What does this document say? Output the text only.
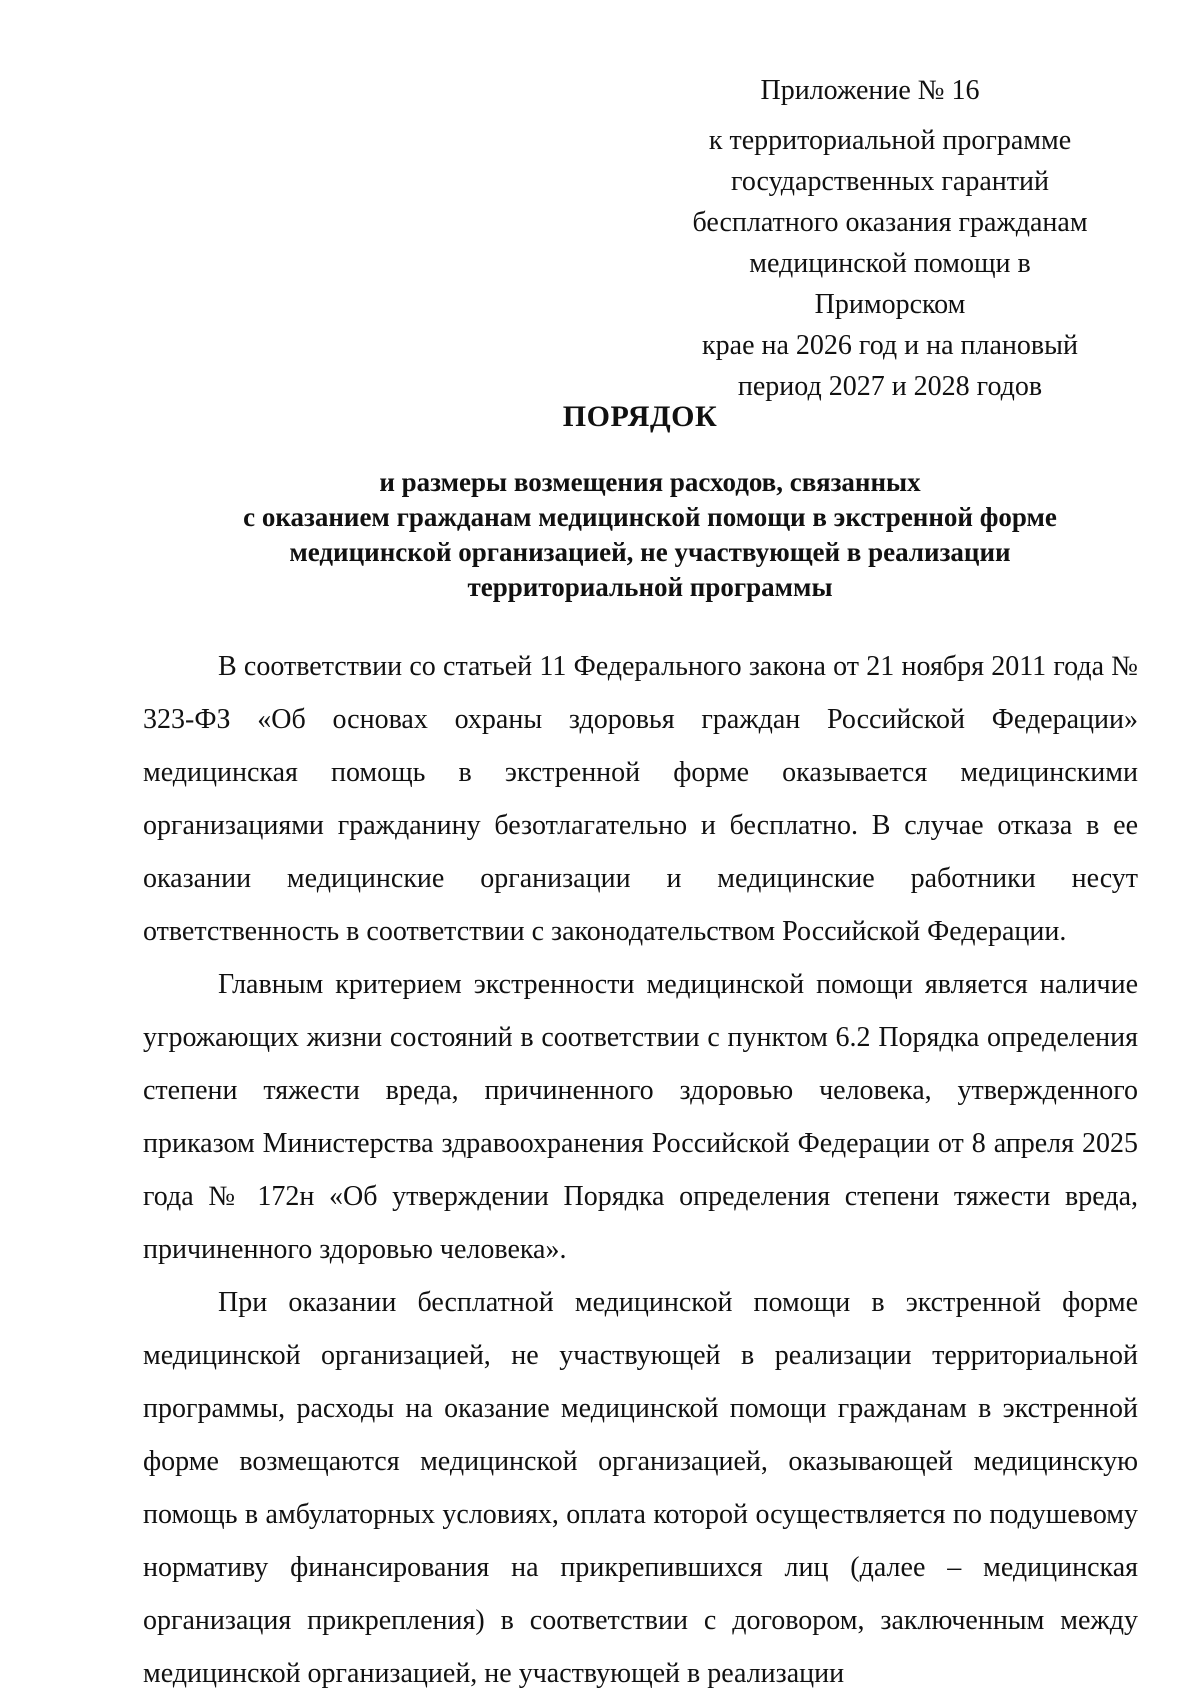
Приложение № 16
к территориальной программе
государственных гарантий
бесплатного оказания гражданам
медицинской помощи в Приморском
крае на 2026 год и на плановый
период 2027 и 2028 годов
ПОРЯДОК
и размеры возмещения расходов, связанных
с оказанием гражданам медицинской помощи в экстренной форме
медицинской организацией, не участвующей в реализации
территориальной программы

В соответствии со статьей 11 Федерального закона от 21 ноября 2011 года № 323-ФЗ «Об основах охраны здоровья граждан Российской Федерации» медицинская помощь в экстренной форме оказывается медицинскими организациями гражданину безотлагательно и бесплатно. В случае отказа в ее оказании медицинские организации и медицинские работники несут ответственность в соответствии с законодательством Российской Федерации.

Главным критерием экстренности медицинской помощи является наличие угрожающих жизни состояний в соответствии с пунктом 6.2 Порядка определения степени тяжести вреда, причиненного здоровью человека, утвержденного приказом Министерства здравоохранения Российской Федерации от 8 апреля 2025 года № 172н «Об утверждении Порядка определения степени тяжести вреда, причиненного здоровью человека».

При оказании бесплатной медицинской помощи в экстренной форме медицинской организацией, не участвующей в реализации территориальной программы, расходы на оказание медицинской помощи гражданам в экстренной форме возмещаются медицинской организацией, оказывающей медицинскую помощь в амбулаторных условиях, оплата которой осуществляется по подушевому нормативу финансирования на прикрепившихся лиц (далее – медицинская организация прикрепления) в соответствии с договором, заключенным между медицинской организацией, не участвующей в реализации
